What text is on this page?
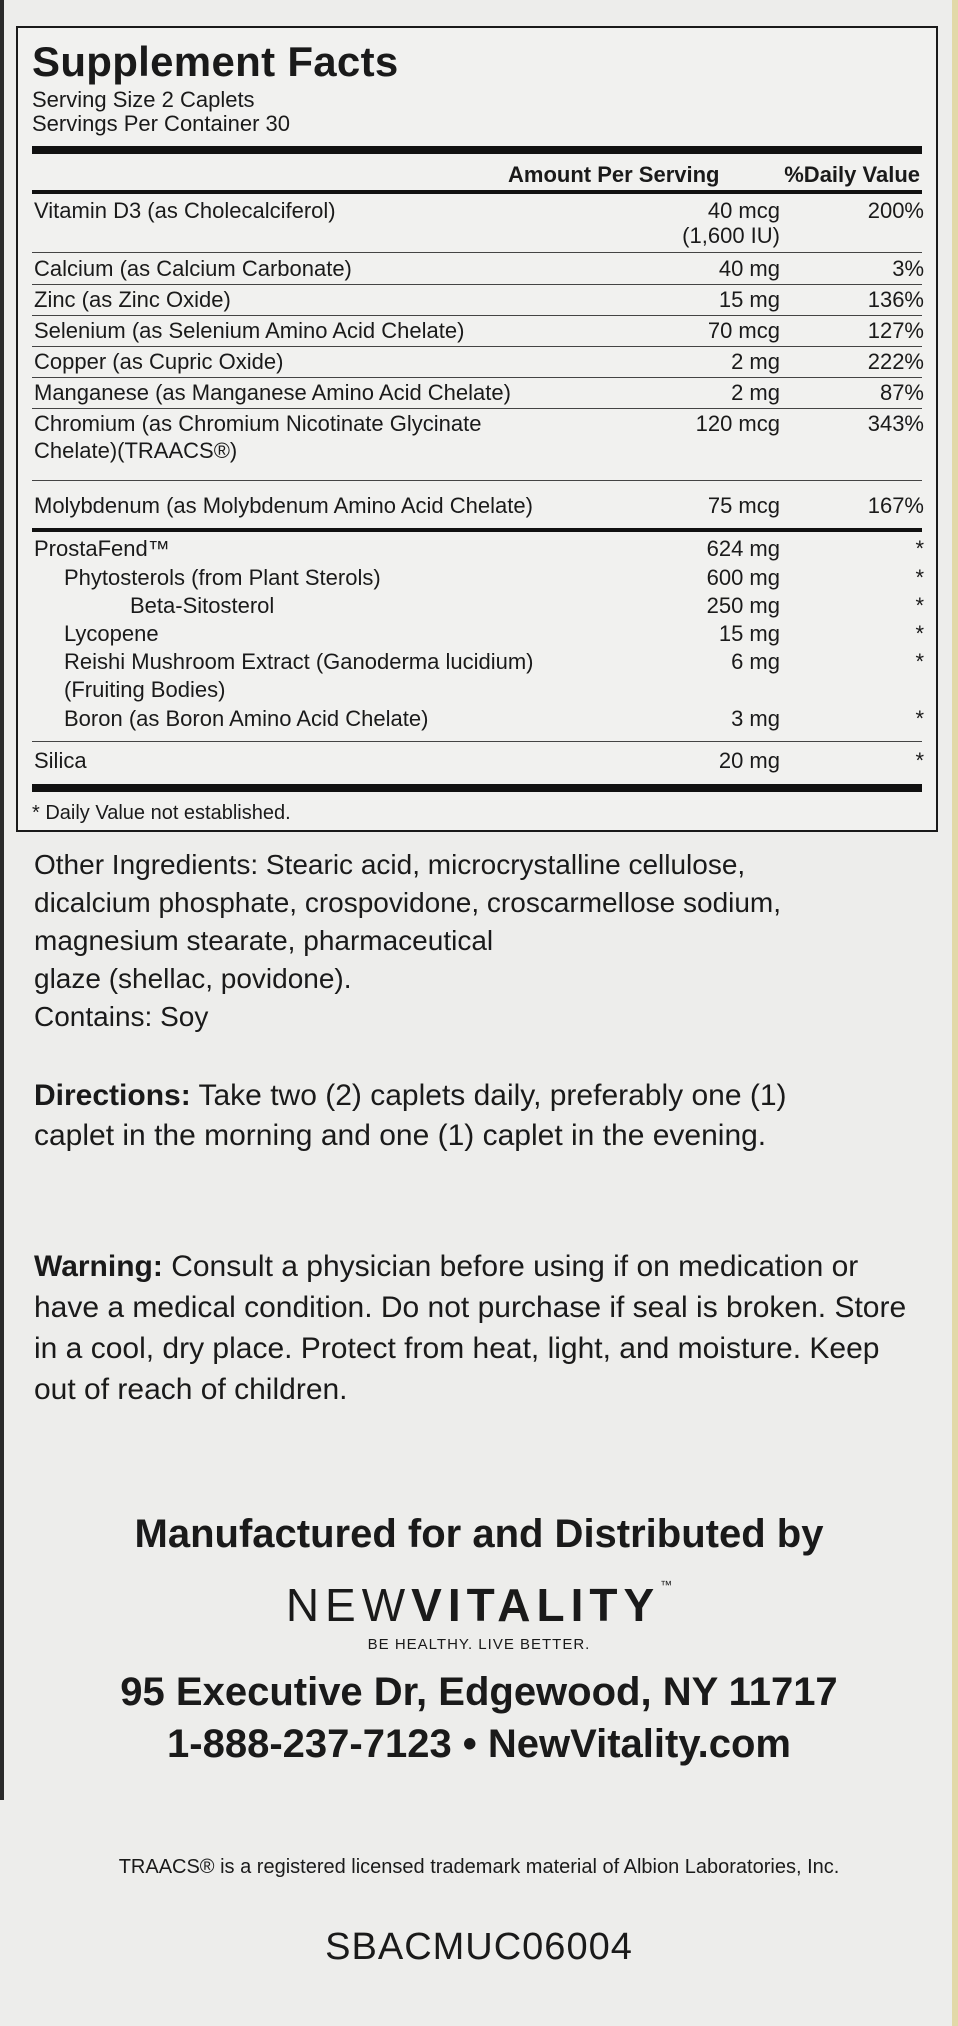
Supplement Facts
Serving Size 2 Caplets
Servings Per Container 30
Amount Per Serving	%Daily Value
Vitamin D3 (as Cholecalciferol)	40 mcg	200%
(1,600 IU)
Calcium (as Calcium Carbonate)	40 mg	3%
Zinc (as Zinc Oxide)	15 mg	136%
Selenium (as Selenium Amino Acid Chelate)	70 mcg	127%
Copper (as Cupric Oxide)	2 mg	222%
Manganese (as Manganese Amino Acid Chelate)	2 mg	87%
Chromium (as Chromium Nicotinate Glycinate	120 mcg	343%
Chelate)(TRAACS®)
Molybdenum (as Molybdenum Amino Acid Chelate)	75 mcg	167%
ProstaFend™	624 mg	*
Phytosterols (from Plant Sterols)	600 mg	*
Beta-Sitosterol	250 mg	*
Lycopene	15 mg	*
Reishi Mushroom Extract (Ganoderma lucidium)	6 mg	*
(Fruiting Bodies)
Boron (as Boron Amino Acid Chelate)	3 mg	*
Silica	20 mg	*
* Daily Value not established.
Other Ingredients: Stearic acid, microcrystalline cellulose,
dicalcium phosphate, crospovidone, croscarmellose sodium,
magnesium stearate, pharmaceutical
glaze (shellac, povidone).
Contains: Soy

Directions: Take two (2) caplets daily, preferably one (1) caplet in the morning and one (1) caplet in the evening.

Warning: Consult a physician before using if on medication or have a medical condition. Do not purchase if seal is broken. Store in a cool, dry place. Protect from heat, light, and moisture. Keep out of reach of children.

Manufactured for and Distributed by
NEWVITALITY™
BE HEALTHY. LIVE BETTER.
95 Executive Dr, Edgewood, NY 11717
1-888-237-7123 • NewVitality.com
TRAACS® is a registered licensed trademark material of Albion Laboratories, Inc.
SBACMUC06004
